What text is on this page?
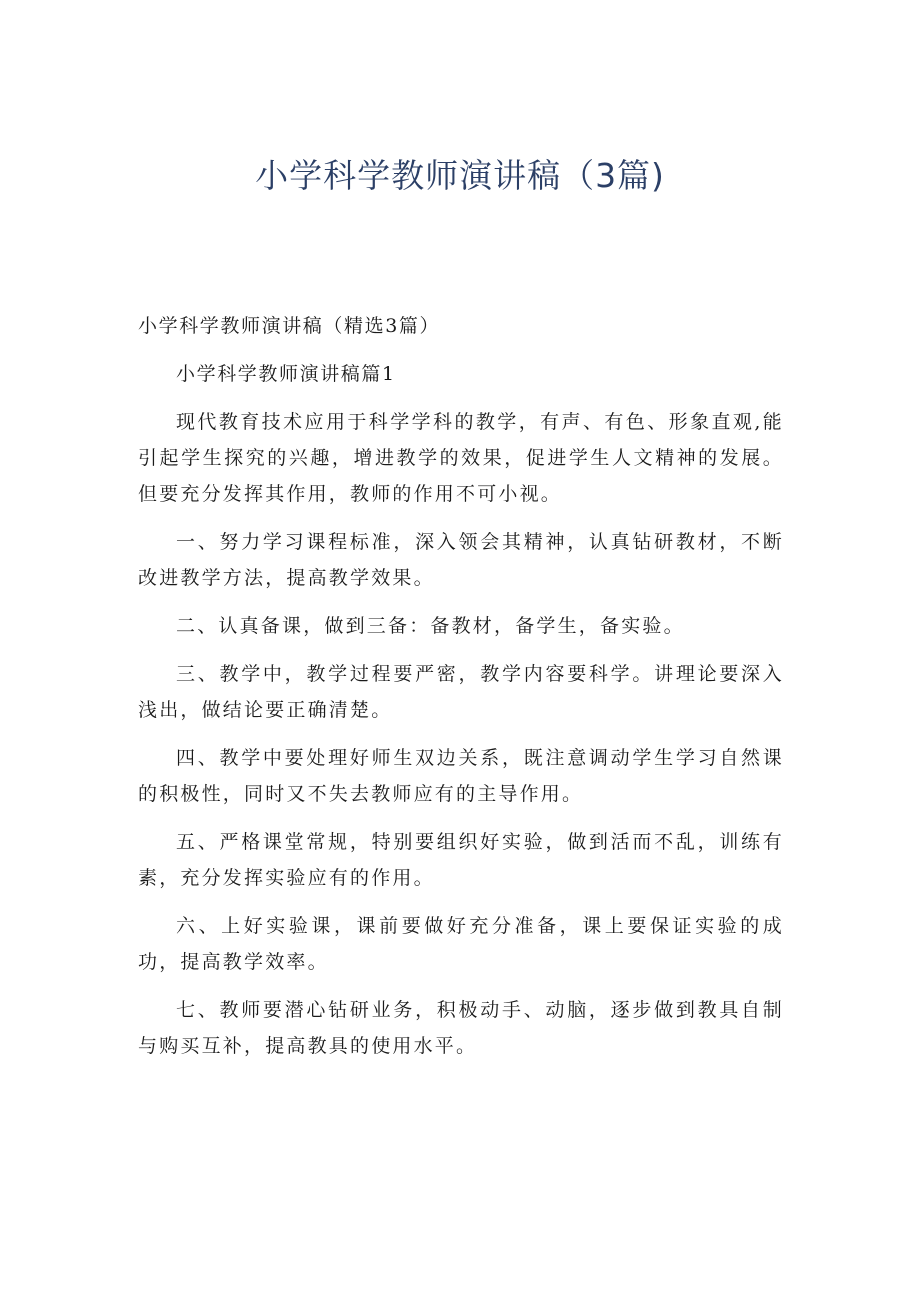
小学科学教师演讲稿（3篇)

小学科学教师演讲稿（精选3篇）

小学科学教师演讲稿篇1

现代教育技术应用于科学学科的教学，有声、有色、形象直观,能引起学生探究的兴趣，增进教学的效果，促进学生人文精神的发展。但要充分发挥其作用，教师的作用不可小视。

一、努力学习课程标准，深入领会其精神，认真钻研教材，不断改进教学方法，提高教学效果。

二、认真备课，做到三备：备教材，备学生，备实验。

三、教学中，教学过程要严密，教学内容要科学。讲理论要深入浅出，做结论要正确清楚。

四、教学中要处理好师生双边关系，既注意调动学生学习自然课的积极性，同时又不失去教师应有的主导作用。

五、严格课堂常规，特别要组织好实验，做到活而不乱，训练有素，充分发挥实验应有的作用。

六、上好实验课，课前要做好充分准备，课上要保证实验的成功，提高教学效率。

七、教师要潜心钻研业务，积极动手、动脑，逐步做到教具自制与购买互补，提高教具的使用水平。
